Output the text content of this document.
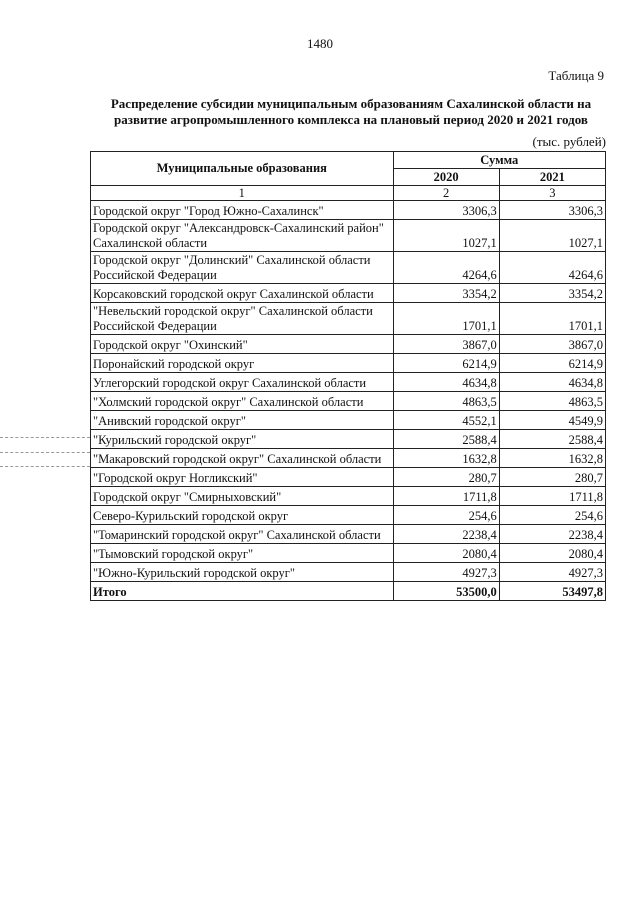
1480
Таблица 9
Распределение субсидии муниципальным образованиям Сахалинской области на развитие агропромышленного комплекса на плановый период 2020 и 2021 годов
(тыс. рублей)
Муниципальные образования	Сумма	
	2020	2021
1	2	3
Городской округ "Город Южно-Сахалинск"	3306,3	3306,3
Городской округ "Александровск-Сахалинский район" Сахалинской области	1027,1	1027,1
Городской округ "Долинский" Сахалинской области Российской Федерации	4264,6	4264,6
Корсаковский городской округ Сахалинской области	3354,2	3354,2
"Невельский городской округ" Сахалинской области Российской Федерации	1701,1	1701,1
Городской округ "Охинский"	3867,0	3867,0
Поронайский городской округ	6214,9	6214,9
Углегорский городской округ Сахалинской области	4634,8	4634,8
"Холмский городской округ" Сахалинской области	4863,5	4863,5
"Анивский городской округ"	4552,1	4549,9
"Курильский городской округ"	2588,4	2588,4
"Макаровский городской округ" Сахалинской области	1632,8	1632,8
"Городской округ Ногликский"	280,7	280,7
Городской округ "Смирныховский"	1711,8	1711,8
Северо-Курильский городской округ	254,6	254,6
"Томаринский городской округ" Сахалинской области	2238,4	2238,4
"Тымовский городской округ"	2080,4	2080,4
"Южно-Курильский городской округ"	4927,3	4927,3
Итого	53500,0	53497,8
